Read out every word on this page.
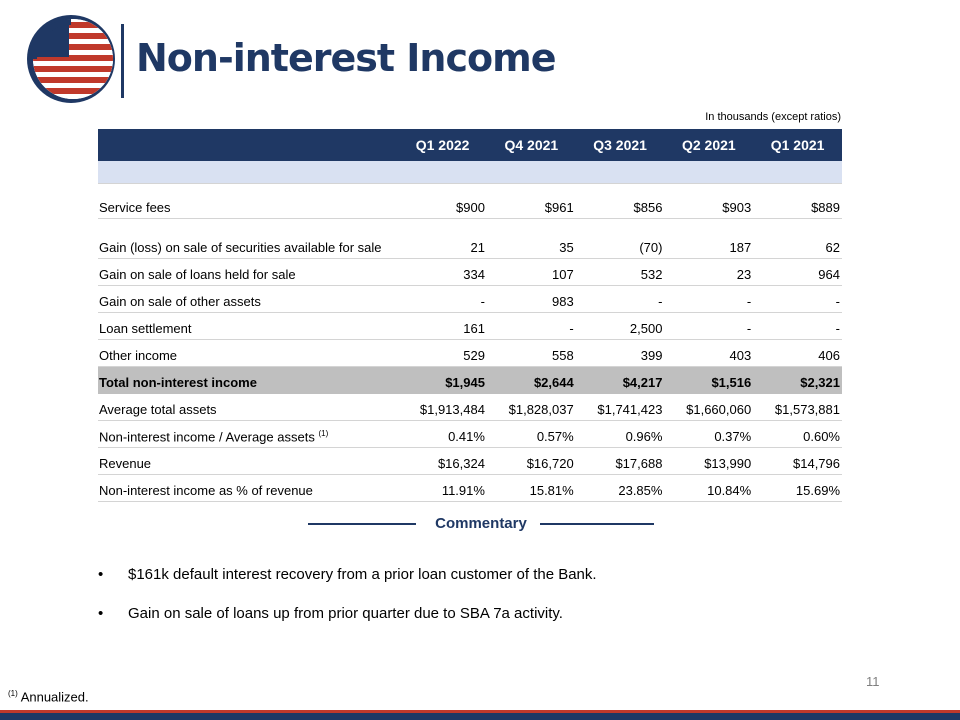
Non-interest Income
In thousands (except ratios)
	Q1 2022	Q4 2021	Q3 2021	Q2 2021	Q1 2021

Service fees	$900	$961	$856	$903	$889
Gain (loss) on sale of securities available for sale	21	35	(70)	187	62
Gain on sale of loans held for sale	334	107	532	23	964
Gain on sale of other assets	-	983	-	-	-
Loan settlement	161	-	2,500	-	-
Other income	529	558	399	403	406
Total non-interest income	$1,945	$2,644	$4,217	$1,516	$2,321
Average total assets	$1,913,484	$1,828,037	$1,741,423	$1,660,060	$1,573,881
Non-interest income / Average assets $^{(1)}$	0.41%	0.57%	0.96%	0.37%	0.60%
Revenue	$16,324	$16,720	$17,688	$13,990	$14,796
Non-interest income as % of revenue	11.91%	15.81%	23.85%	10.84%	15.69%
Commentary
• $161k default interest recovery from a prior loan customer of the Bank.
• Gain on sale of loans up from prior quarter due to SBA 7a activity.
11
$^{(1)}$ Annualized.
